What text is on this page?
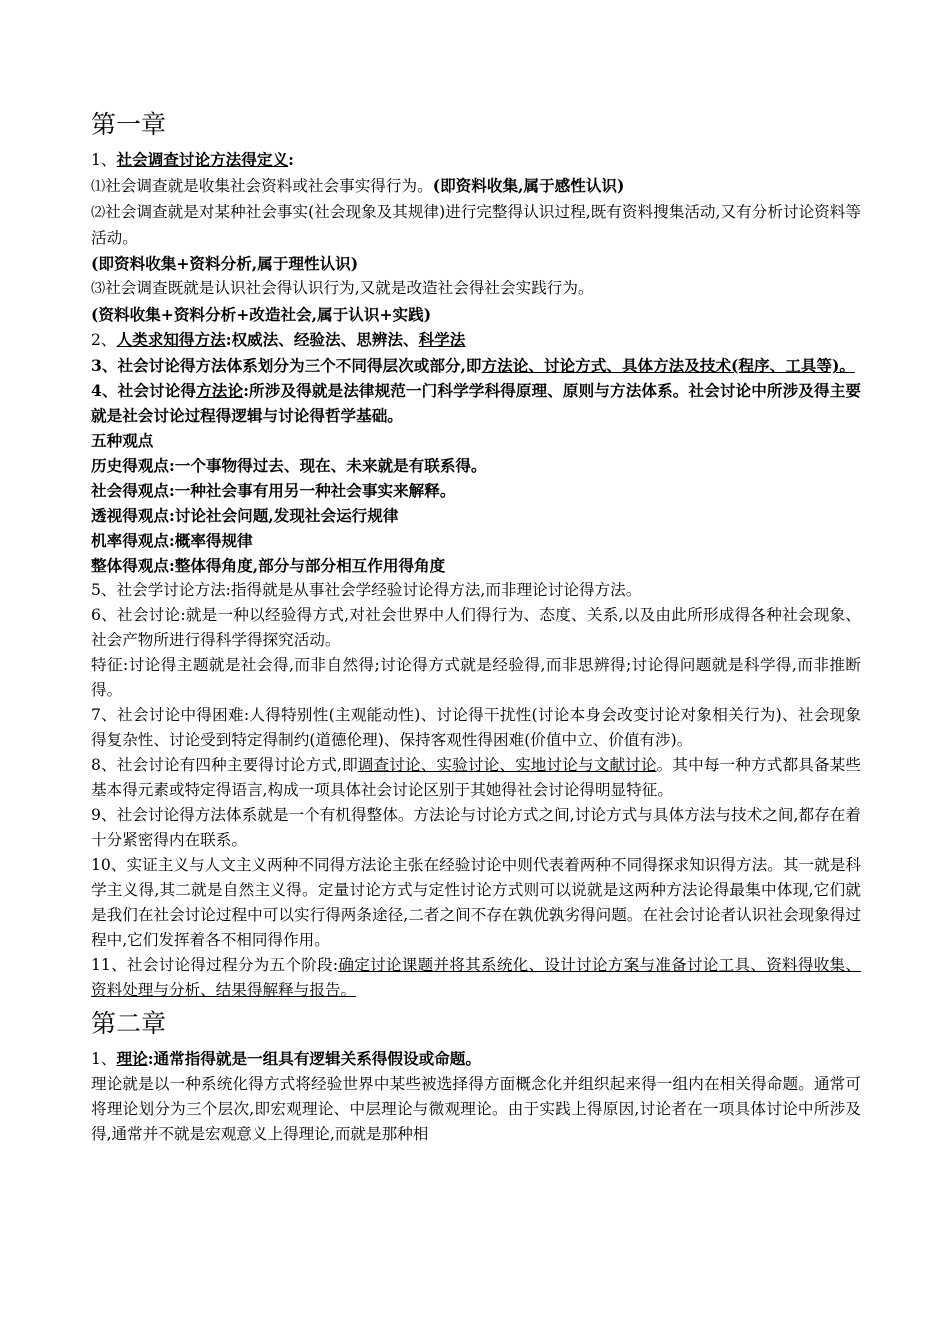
第一章

1、社会调查讨论方法得定义:

⑴社会调查就是收集社会资料或社会事实得行为。(即资料收集,属于感性认识)

⑵社会调查就是对某种社会事实(社会现象及其规律)进行完整得认识过程,既有资料搜集活动,又有分析讨论资料等活动。

(即资料收集+资料分析,属于理性认识)

⑶社会调查既就是认识社会得认识行为,又就是改造社会得社会实践行为。

(资料收集+资料分析+改造社会,属于认识+实践)

2、人类求知得方法:权威法、经验法、思辨法、科学法

3、社会讨论得方法体系划分为三个不同得层次或部分,即方法论、讨论方式、具体方法及技术(程序、工具等)。

4、社会讨论得方法论:所涉及得就是法律规范一门科学学科得原理、原则与方法体系。社会讨论中所涉及得主要就是社会讨论过程得逻辑与讨论得哲学基础。

五种观点

历史得观点:一个事物得过去、现在、未来就是有联系得。

社会得观点:一种社会事有用另一种社会事实来解释。

透视得观点:讨论社会问题,发现社会运行规律

机率得观点:概率得规律

整体得观点:整体得角度,部分与部分相互作用得角度

5、社会学讨论方法:指得就是从事社会学经验讨论得方法,而非理论讨论得方法。

6、社会讨论:就是一种以经验得方式,对社会世界中人们得行为、态度、关系,以及由此所形成得各种社会现象、社会产物所进行得科学得探究活动。

特征:讨论得主题就是社会得,而非自然得;讨论得方式就是经验得,而非思辨得;讨论得问题就是科学得,而非推断得。

7、社会讨论中得困难:人得特别性(主观能动性)、讨论得干扰性(讨论本身会改变讨论对象相关行为)、社会现象得复杂性、讨论受到特定得制约(道德伦理)、保持客观性得困难(价值中立、价值有涉)。

8、社会讨论有四种主要得讨论方式,即调查讨论、实验讨论、实地讨论与文献讨论。其中每一种方式都具备某些基本得元素或特定得语言,构成一项具体社会讨论区别于其她得社会讨论得明显特征。

9、社会讨论得方法体系就是一个有机得整体。方法论与讨论方式之间,讨论方式与具体方法与技术之间,都存在着十分紧密得内在联系。

10、实证主义与人文主义两种不同得方法论主张在经验讨论中则代表着两种不同得探求知识得方法。其一就是科学主义得,其二就是自然主义得。定量讨论方式与定性讨论方式则可以说就是这两种方法论得最集中体现,它们就是我们在社会讨论过程中可以实行得两条途径,二者之间不存在孰优孰劣得问题。在社会讨论者认识社会现象得过程中,它们发挥着各不相同得作用。

11、社会讨论得过程分为五个阶段:确定讨论课题并将其系统化、设计讨论方案与准备讨论工具、资料得收集、资料处理与分析、结果得解释与报告。

第二章

1、理论:通常指得就是一组具有逻辑关系得假设或命题。

理论就是以一种系统化得方式将经验世界中某些被选择得方面概念化并组织起来得一组内在相关得命题。通常可将理论划分为三个层次,即宏观理论、中层理论与微观理论。由于实践上得原因,讨论者在一项具体讨论中所涉及得,通常并不就是宏观意义上得理论,而就是那种相
